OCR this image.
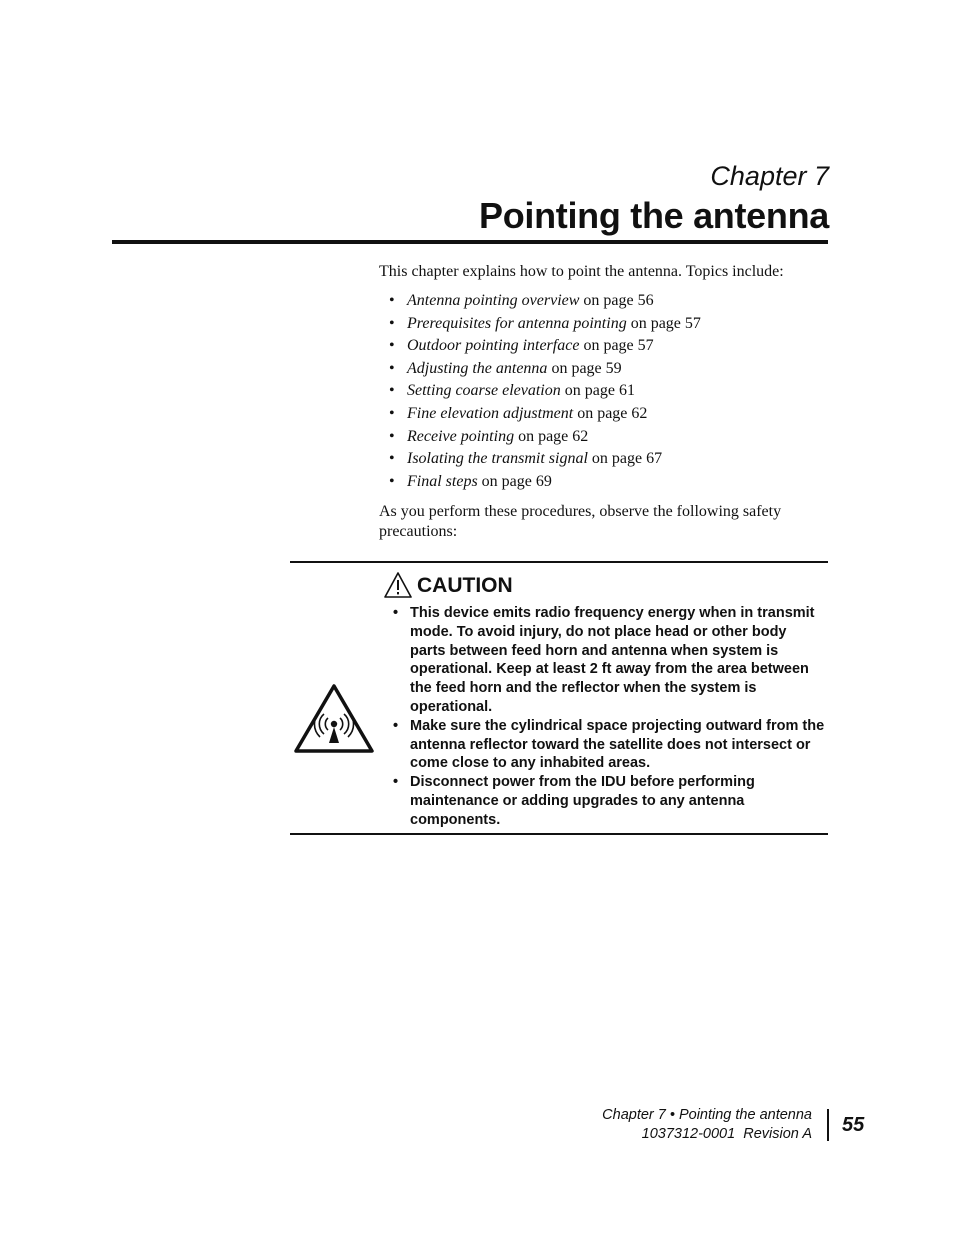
Chapter 7
Pointing the antenna

This chapter explains how to point the antenna. Topics include:

• Antenna pointing overview on page 56
• Prerequisites for antenna pointing on page 57
• Outdoor pointing interface on page 57
• Adjusting the antenna on page 59
• Setting coarse elevation on page 61
• Fine elevation adjustment on page 62
• Receive pointing on page 62
• Isolating the transmit signal on page 67
• Final steps on page 69

As you perform these procedures, observe the following safety precautions:

CAUTION
• This device emits radio frequency energy when in transmit mode. To avoid injury, do not place head or other body parts between feed horn and antenna when system is operational. Keep at least 2 ft away from the area between the feed horn and the reflector when the system is operational.
• Make sure the cylindrical space projecting outward from the antenna reflector toward the satellite does not intersect or come close to any inhabited areas.
• Disconnect power from the IDU before performing maintenance or adding upgrades to any antenna components.
Chapter 7 • Pointing the antenna
1037312-0001  Revision A 55
